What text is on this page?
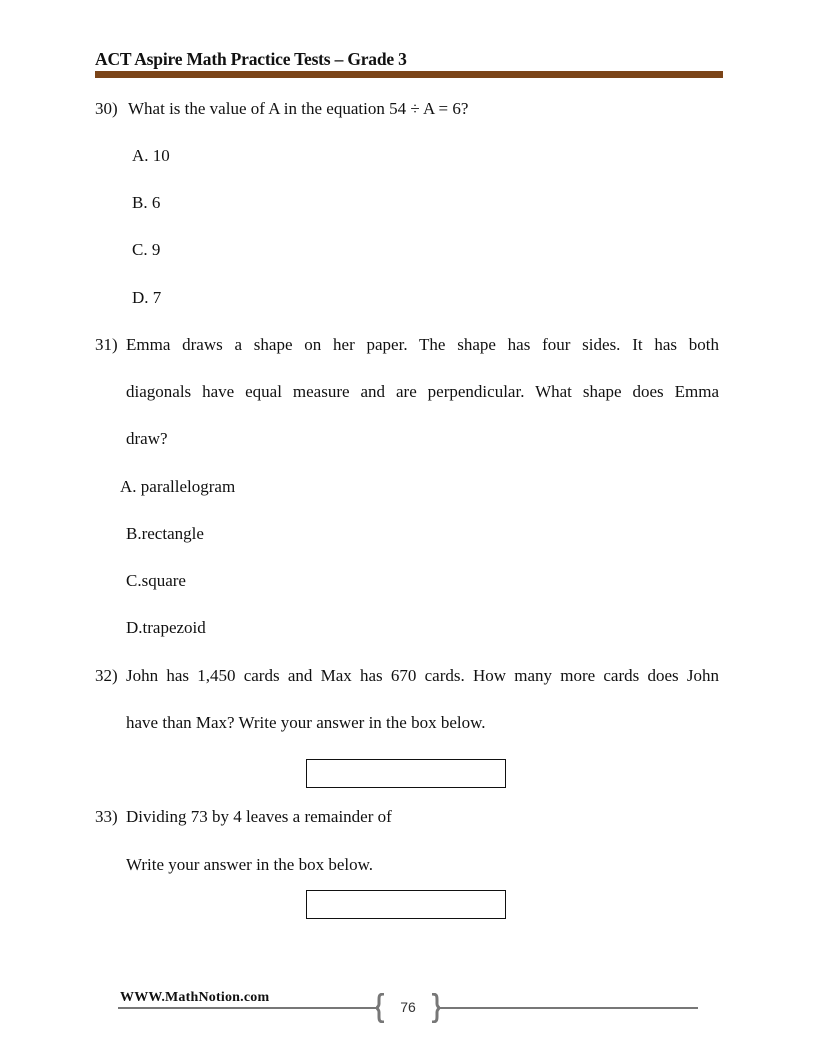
ACT Aspire Math Practice Tests – Grade 3
30) What is the value of A in the equation 54 ÷ A = 6?
A. 10
B. 6
C. 9
D. 7
31) Emma draws a shape on her paper. The shape has four sides. It has both
diagonals have equal measure and are perpendicular. What shape does Emma
draw?
A. parallelogram
B.rectangle
C.square
D.trapezoid
32) John has 1,450 cards and Max has 670 cards. How many more cards does John
have than Max? Write your answer in the box below.
33) Dividing 73 by 4 leaves a remainder of
Write your answer in the box below.
WWW.MathNotion.com
76
